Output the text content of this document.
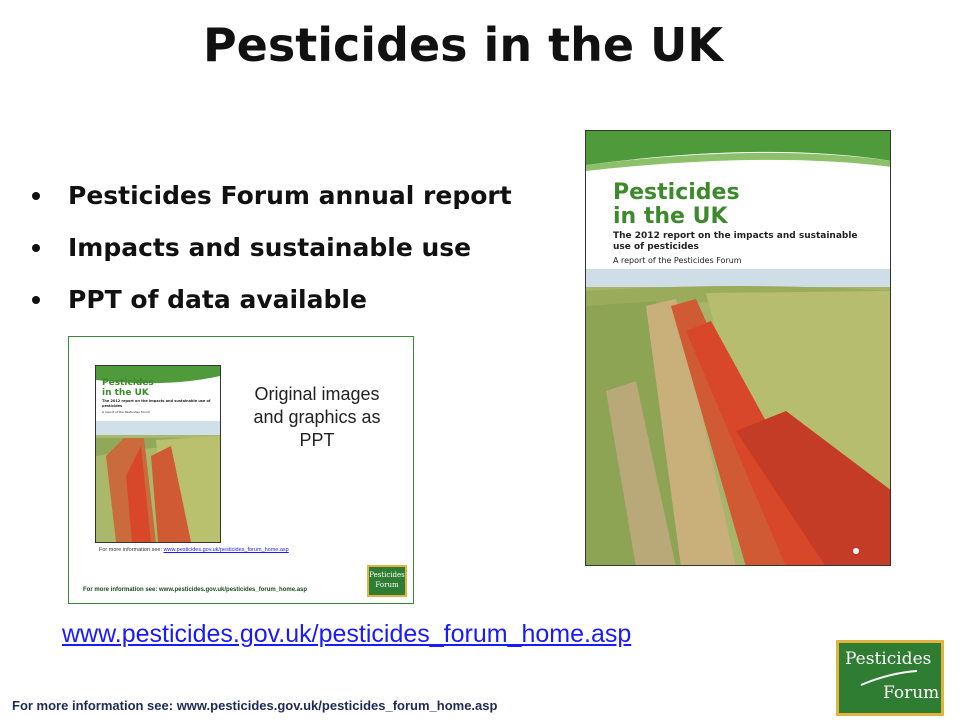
Pesticides in the UK
Pesticides Forum annual report
Impacts and sustainable use
PPT of data available
Pesticides
in the UK
The 2012 report on the impacts and sustainable use of pesticides
A report of the Pesticides Forum
Original images and graphics as PPT
For more information see: www.pesticides.gov.uk/pesticides_forum_home.asp
For more information see: www.pesticides.gov.uk/pesticides_forum_home.asp
Pesticides
Forum
Pesticides
in the UK
The 2012 report on the impacts and sustainable use of pesticides
A report of the Pesticides Forum
www.pesticides.gov.uk/pesticides_forum_home.asp
For more information see: www.pesticides.gov.uk/pesticides_forum_home.asp
Pesticides
Forum
